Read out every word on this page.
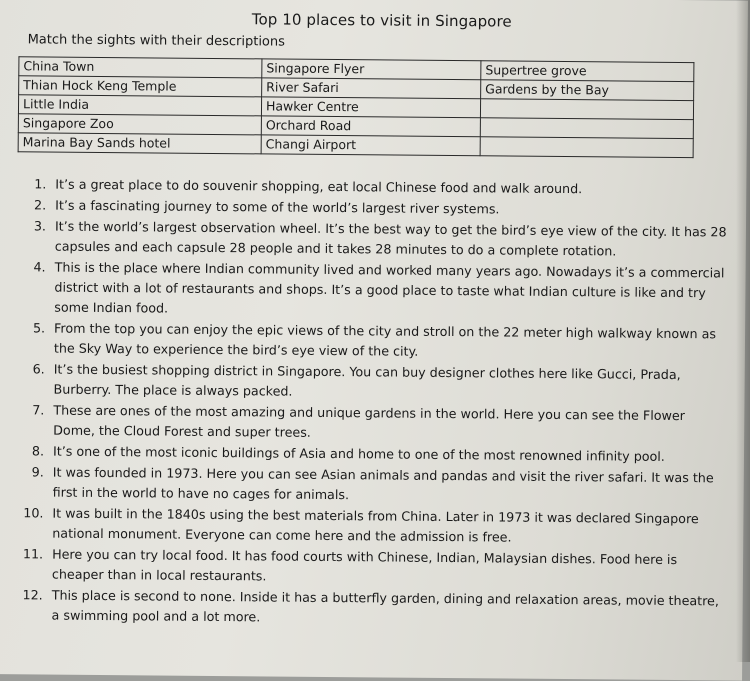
Top 10 places to visit in Singapore
Match the sights with their descriptions
China Town	Singapore Flyer	Supertree grove
Thian Hock Keng Temple	River Safari	Gardens by the Bay
Little India	Hawker Centre	
Singapore Zoo	Orchard Road	
Marina Bay Sands hotel	Changi Airport	
1. It’s a great place to do souvenir shopping, eat local Chinese food and walk around.
2. It’s a fascinating journey to some of the world’s largest river systems.
3. It’s the world’s largest observation wheel. It’s the best way to get the bird’s eye view of the city. It has 28 capsules and each capsule 28 people and it takes 28 minutes to do a complete rotation.
4. This is the place where Indian community lived and worked many years ago. Nowadays it’s a commercial district with a lot of restaurants and shops. It’s a good place to taste what Indian culture is like and try some Indian food.
5. From the top you can enjoy the epic views of the city and stroll on the 22 meter high walkway known as the Sky Way to experience the bird’s eye view of the city.
6. It’s the busiest shopping district in Singapore. You can buy designer clothes here like Gucci, Prada, Burberry. The place is always packed.
7. These are ones of the most amazing and unique gardens in the world. Here you can see the Flower Dome, the Cloud Forest and super trees.
8. It’s one of the most iconic buildings of Asia and home to one of the most renowned infinity pool.
9. It was founded in 1973. Here you can see Asian animals and pandas and visit the river safari. It was the first in the world to have no cages for animals.
10. It was built in the 1840s using the best materials from China. Later in 1973 it was declared Singapore national monument. Everyone can come here and the admission is free.
11. Here you can try local food. It has food courts with Chinese, Indian, Malaysian dishes. Food here is cheaper than in local restaurants.
12. This place is second to none. Inside it has a butterfly garden, dining and relaxation areas, movie theatre, a swimming pool and a lot more.
